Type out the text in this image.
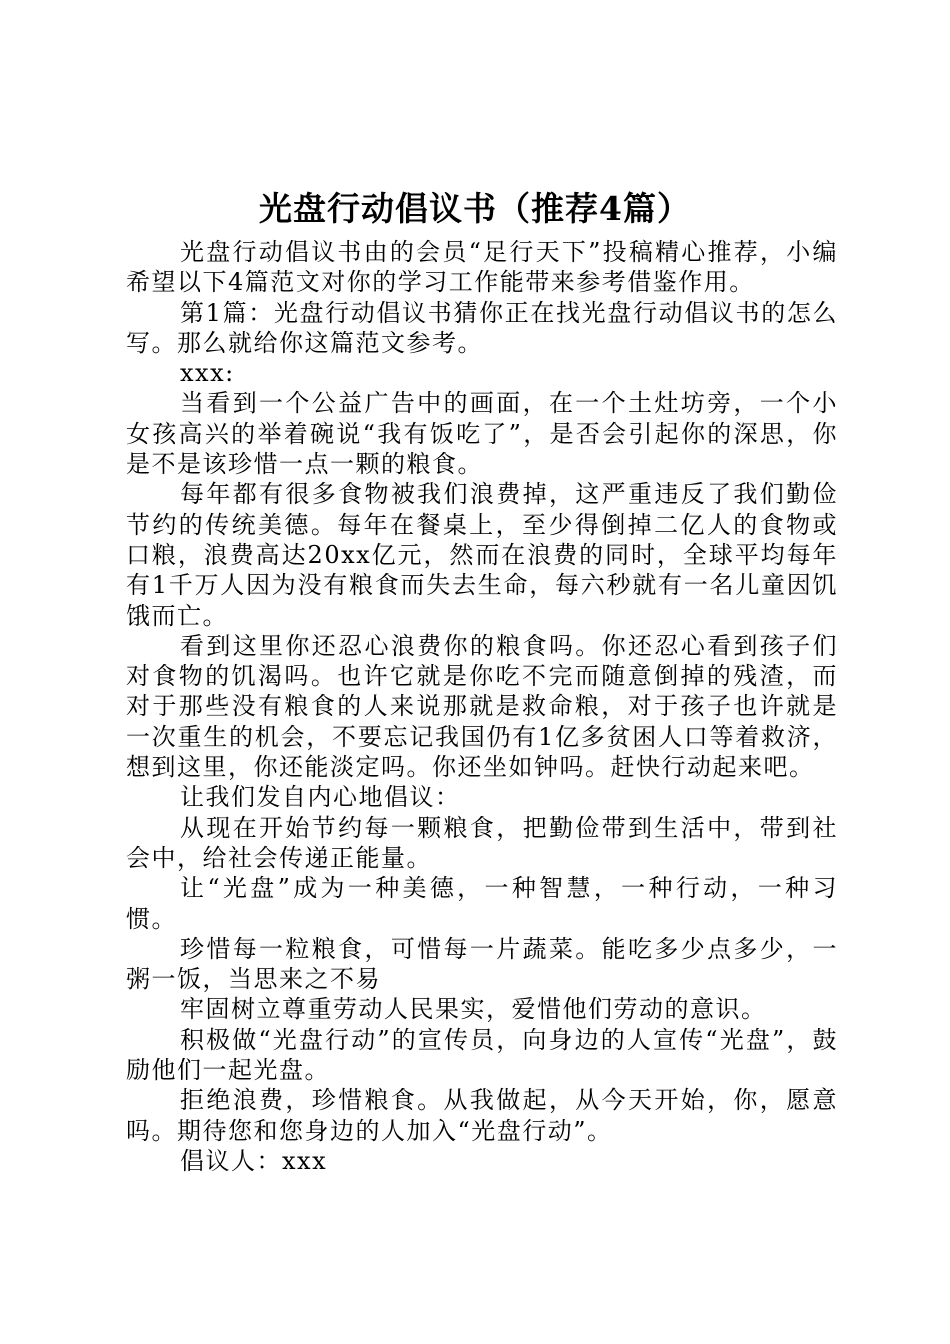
光盘行动倡议书（推荐4篇）

光盘行动倡议书由的会员“足行天下”投稿精心推荐，小编希望以下4篇范文对你的学习工作能带来参考借鉴作用。

第1篇：光盘行动倡议书猜你正在找光盘行动倡议书的怎么写。那么就给你这篇范文参考。

xxx:

当看到一个公益广告中的画面，在一个土灶坊旁，一个小女孩高兴的举着碗说“我有饭吃了”，是否会引起你的深思，你是不是该珍惜一点一颗的粮食。

每年都有很多食物被我们浪费掉，这严重违反了我们勤俭节约的传统美德。每年在餐桌上，至少得倒掉二亿人的食物或口粮，浪费高达20xx亿元，然而在浪费的同时，全球平均每年有1千万人因为没有粮食而失去生命，每六秒就有一名儿童因饥饿而亡。

看到这里你还忍心浪费你的粮食吗。你还忍心看到孩子们对食物的饥渴吗。也许它就是你吃不完而随意倒掉的残渣，而对于那些没有粮食的人来说那就是救命粮，对于孩子也许就是一次重生的机会，不要忘记我国仍有1亿多贫困人口等着救济，想到这里，你还能淡定吗。你还坐如钟吗。赶快行动起来吧。

让我们发自内心地倡议：

从现在开始节约每一颗粮食，把勤俭带到生活中，带到社会中，给社会传递正能量。

让“光盘”成为一种美德，一种智慧，一种行动，一种习惯。

珍惜每一粒粮食，可惜每一片蔬菜。能吃多少点多少，一粥一饭，当思来之不易

牢固树立尊重劳动人民果实，爱惜他们劳动的意识。

积极做“光盘行动”的宣传员，向身边的人宣传“光盘”，鼓励他们一起光盘。

拒绝浪费，珍惜粮食。从我做起，从今天开始，你，愿意吗。期待您和您身边的人加入“光盘行动”。

倡议人：xxx
